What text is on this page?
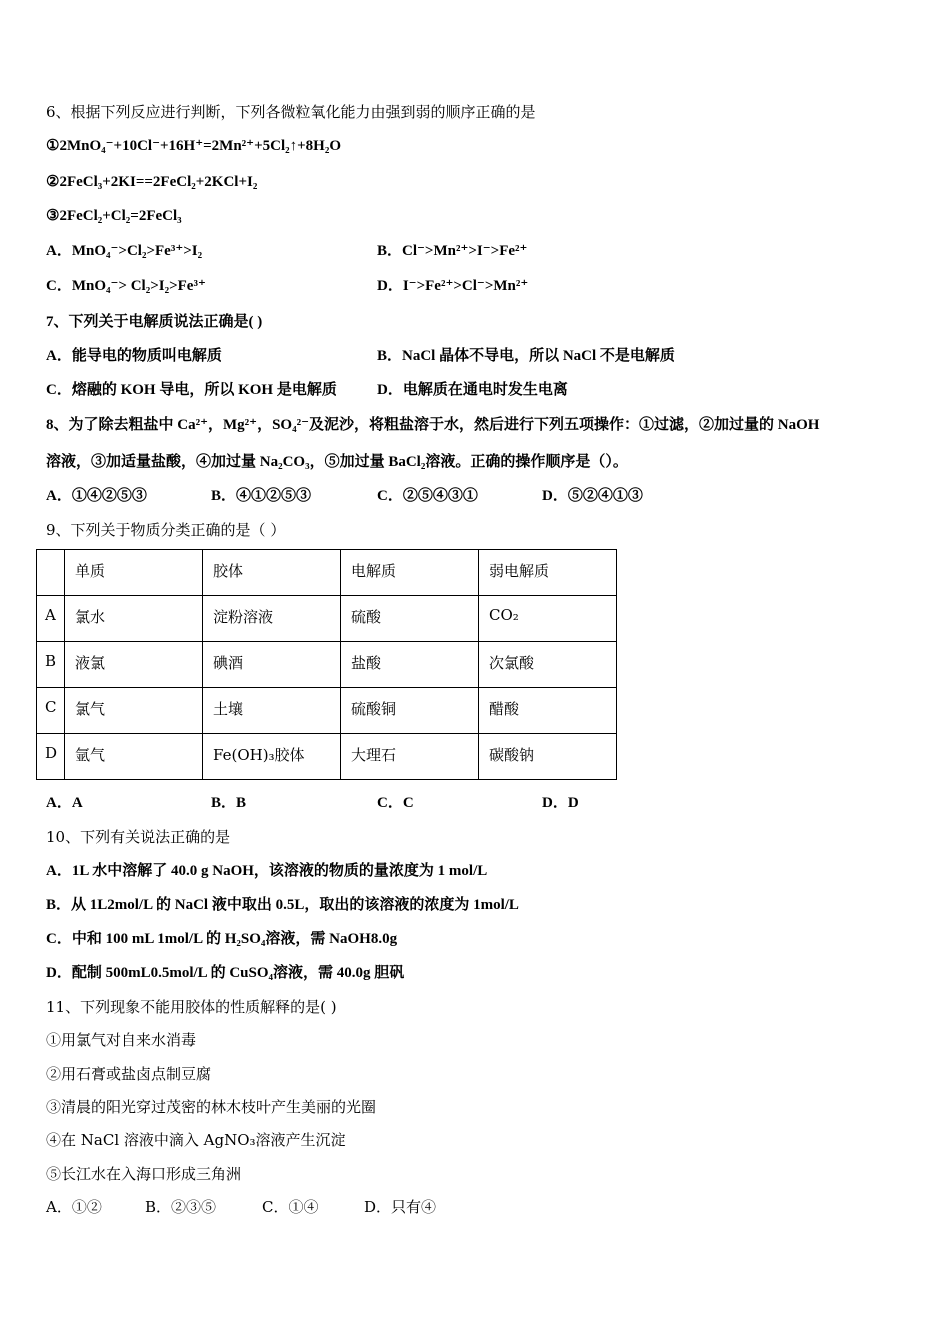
6、根据下列反应进行判断，下列各微粒氧化能力由强到弱的顺序正确的是
①2MnO₄⁻+10Cl⁻+16H⁺=2Mn²⁺+5Cl₂↑+8H₂O
②2FeCl₃+2KI==2FeCl₂+2KCl+I₂
③2FeCl₂+Cl₂=2FeCl₃
A．MnO₄⁻>Cl₂>Fe³⁺>I₂	B．Cl⁻>Mn²⁺>I⁻>Fe²⁺
C．MnO₄⁻> Cl₂>I₂>Fe³⁺	D．I⁻>Fe²⁺>Cl⁻>Mn²⁺
7、下列关于电解质说法正确是( )
A．能导电的物质叫电解质	B．NaCl 晶体不导电，所以 NaCl 不是电解质
C．熔融的 KOH 导电，所以 KOH 是电解质	D．电解质在通电时发生电离
8、为了除去粗盐中 Ca²⁺，Mg²⁺，SO₄²⁻及泥沙，将粗盐溶于水，然后进行下列五项操作：①过滤，②加过量的 NaOH
溶液，③加适量盐酸，④加过量 Na₂CO₃，⑤加过量 BaCl₂溶液。正确的操作顺序是（）。
A．①④②⑤③	B．④①②⑤③	C．②⑤④③①	D．⑤②④①③
9、下列关于物质分类正确的是（ ）
	单质	胶体	电解质	弱电解质
A	氯水	淀粉溶液	硫酸	CO₂
B	液氯	碘酒	盐酸	次氯酸
C	氯气	土壤	硫酸铜	醋酸
D	氩气	Fe(OH)₃胶体	大理石	碳酸钠
A．A	B．B	C．C	D．D
10、下列有关说法正确的是
A．1L 水中溶解了 40.0 g NaOH，该溶液的物质的量浓度为 1 mol/L
B．从 1L2mol/L 的 NaCl 液中取出 0.5L，取出的该溶液的浓度为 1mol/L
C．中和 100 mL 1mol/L 的 H₂SO₄溶液，需 NaOH8.0g
D．配制 500mL0.5mol/L 的 CuSO₄溶液，需 40.0g 胆矾
11、下列现象不能用胶体的性质解释的是( )
①用氯气对自来水消毒
②用石膏或盐卤点制豆腐
③清晨的阳光穿过茂密的林木枝叶产生美丽的光圈
④在 NaCl 溶液中滴入 AgNO₃溶液产生沉淀
⑤长江水在入海口形成三角洲
A．①②	B．②③⑤	C．①④	D．只有④
